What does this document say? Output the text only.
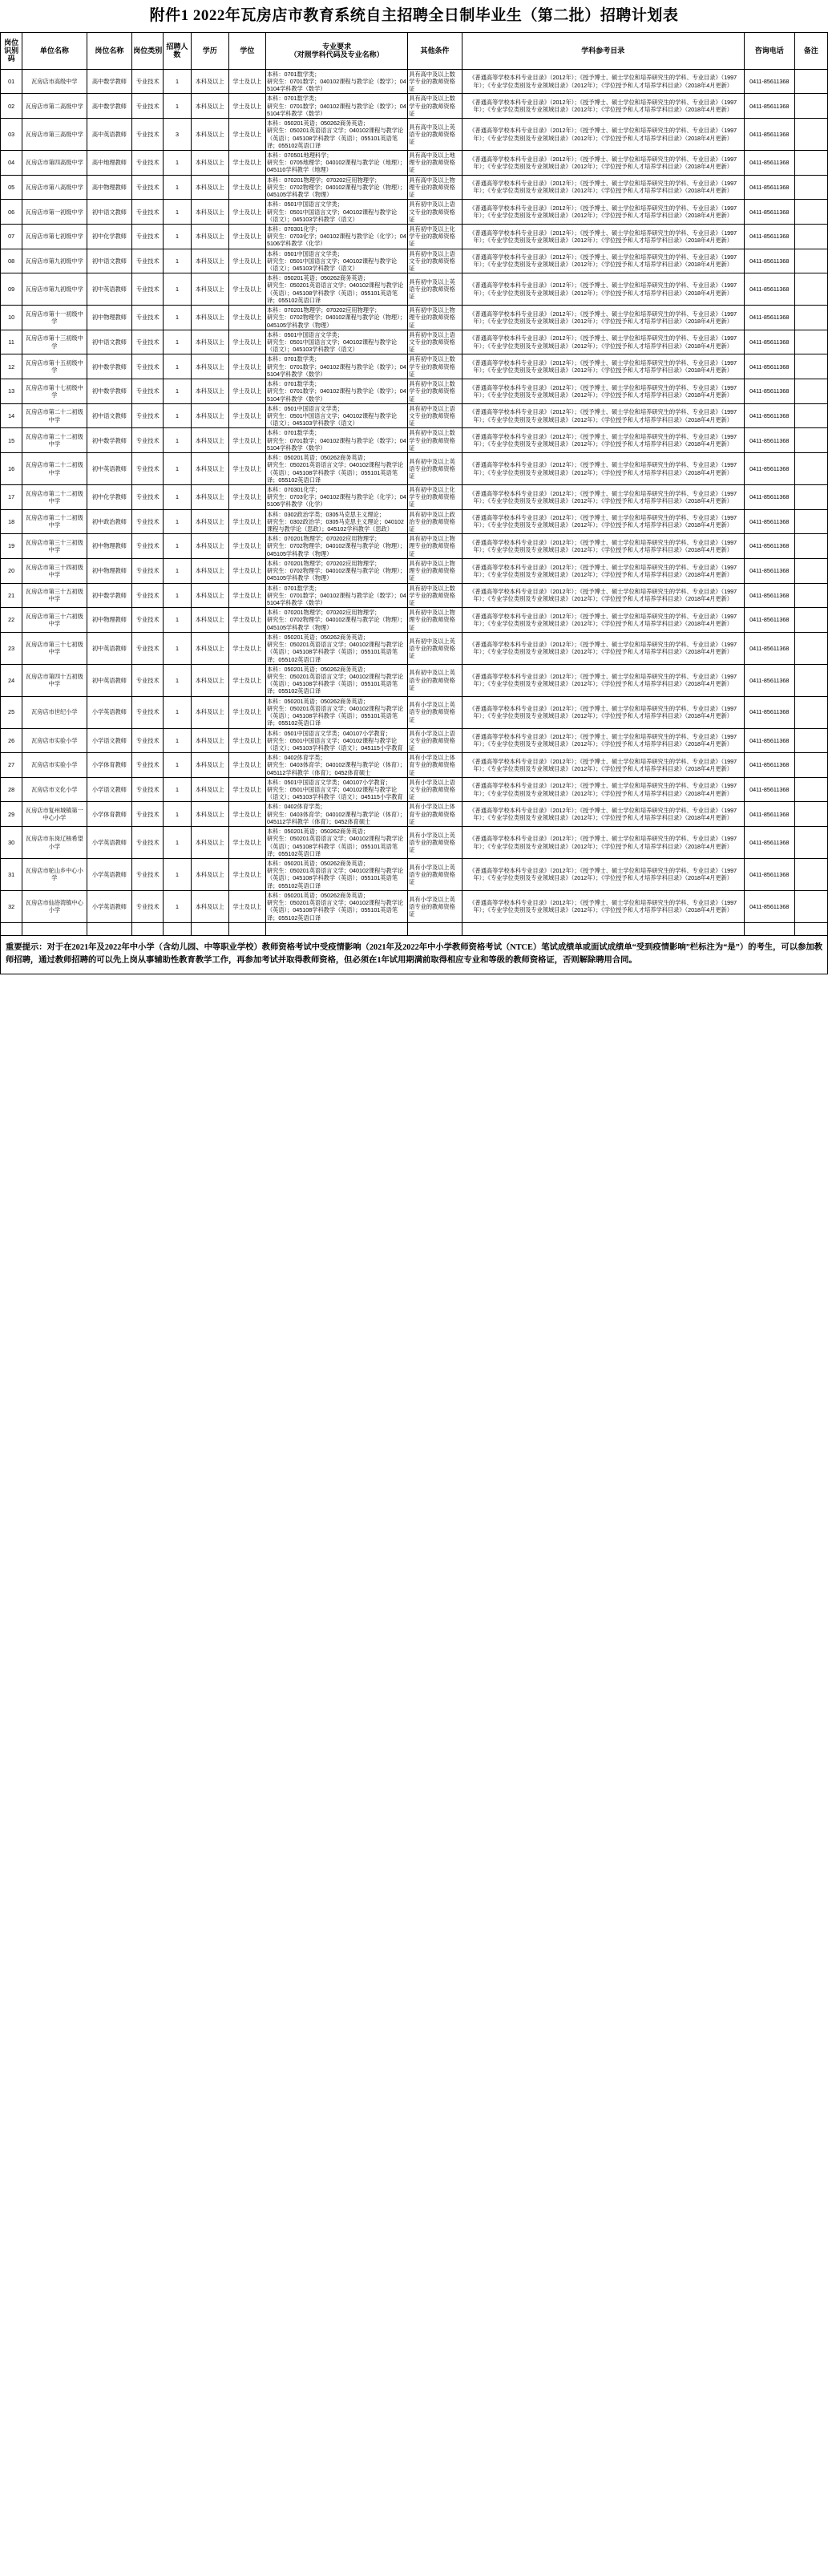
附件1 2022年瓦房店市教育系统自主招聘全日制毕业生（第二批）招聘计划表
岗位识别码	单位名称	岗位名称	岗位类别	招聘人数	学历	学位	专业要求
（对照学科代码及专业名称）	其他条件	学科参考目录	咨询电话	备注
01	瓦房店市高级中学	高中数学教师	专业技术	1	本科及以上	学士及以上	本科：0701数学类；
研究生：0701数学；040102课程与教学论（数学）；045104学科教学（数学）	具有高中及以上数学专业的教师资格证	《普通高等学校本科专业目录》（2012年）；《授予博士、硕士学位和培养研究生的学科、专业目录》（1997年）；《专业学位类别及专业领域目录》（2012年）；《学位授予和人才培养学科目录》（2018年4月更新）	0411-85611368	
02	瓦房店市第二高级中学	高中数学教师	专业技术	1	本科及以上	学士及以上	本科：0701数学类；
研究生：0701数学；040102课程与教学论（数学）；045104学科教学（数学）	具有高中及以上数学专业的教师资格证	《普通高等学校本科专业目录》（2012年）；《授予博士、硕士学位和培养研究生的学科、专业目录》（1997年）；《专业学位类别及专业领域目录》（2012年）；《学位授予和人才培养学科目录》（2018年4月更新）	0411-85611368	
03	瓦房店市第三高级中学	高中英语教师	专业技术	3	本科及以上	学士及以上	本科：050201英语；050262商务英语；
研究生：050201英语语言文学；040102课程与教学论（英语）；045108学科教学（英语）；055101英语笔译；055102英语口译	具有高中及以上英语专业的教师资格证	《普通高等学校本科专业目录》（2012年）；《授予博士、硕士学位和培养研究生的学科、专业目录》（1997年）；《专业学位类别及专业领域目录》（2012年）；《学位授予和人才培养学科目录》（2018年4月更新）	0411-85611368	
04	瓦房店市第四高级中学	高中地理教师	专业技术	1	本科及以上	学士及以上	本科：070501地理科学；
研究生：0705地理学；040102课程与教学论（地理）；045110学科教学（地理）	具有高中及以上地理专业的教师资格证	《普通高等学校本科专业目录》（2012年）；《授予博士、硕士学位和培养研究生的学科、专业目录》（1997年）；《专业学位类别及专业领域目录》（2012年）；《学位授予和人才培养学科目录》（2018年4月更新）	0411-85611368	
05	瓦房店市第八高级中学	高中物理教师	专业技术	1	本科及以上	学士及以上	本科：070201物理学；070202应用物理学；
研究生：0702物理学；040102课程与教学论（物理）；045105学科教学（物理）	具有高中及以上物理专业的教师资格证	《普通高等学校本科专业目录》（2012年）；《授予博士、硕士学位和培养研究生的学科、专业目录》（1997年）；《专业学位类别及专业领域目录》（2012年）；《学位授予和人才培养学科目录》（2018年4月更新）	0411-85611368	
06	瓦房店市第一初级中学	初中语文教师	专业技术	1	本科及以上	学士及以上	本科：0501中国语言文学类；
研究生：0501中国语言文学；040102课程与教学论（语文）；045103学科教学（语文）	具有初中及以上语文专业的教师资格证	《普通高等学校本科专业目录》（2012年）；《授予博士、硕士学位和培养研究生的学科、专业目录》（1997年）；《专业学位类别及专业领域目录》（2012年）；《学位授予和人才培养学科目录》（2018年4月更新）	0411-85611368	
07	瓦房店市第七初级中学	初中化学教师	专业技术	1	本科及以上	学士及以上	本科：070301化学；
研究生：0703化学；040102课程与教学论（化学）；045106学科教学（化学）	具有初中及以上化学专业的教师资格证	《普通高等学校本科专业目录》（2012年）；《授予博士、硕士学位和培养研究生的学科、专业目录》（1997年）；《专业学位类别及专业领域目录》（2012年）；《学位授予和人才培养学科目录》（2018年4月更新）	0411-85611368	
08	瓦房店市第九初级中学	初中语文教师	专业技术	1	本科及以上	学士及以上	本科：0501中国语言文学类；
研究生：0501中国语言文学；040102课程与教学论（语文）；045103学科教学（语文）	具有初中及以上语文专业的教师资格证	《普通高等学校本科专业目录》（2012年）；《授予博士、硕士学位和培养研究生的学科、专业目录》（1997年）；《专业学位类别及专业领域目录》（2012年）；《学位授予和人才培养学科目录》（2018年4月更新）	0411-85611368	
09	瓦房店市第九初级中学	初中英语教师	专业技术	1	本科及以上	学士及以上	本科：050201英语；050262商务英语；
研究生：050201英语语言文学；040102课程与教学论（英语）；045108学科教学（英语）；055101英语笔译；055102英语口译	具有初中及以上英语专业的教师资格证	《普通高等学校本科专业目录》（2012年）；《授予博士、硕士学位和培养研究生的学科、专业目录》（1997年）；《专业学位类别及专业领域目录》（2012年）；《学位授予和人才培养学科目录》（2018年4月更新）	0411-85611368	
10	瓦房店市第十一初级中学	初中物理教师	专业技术	1	本科及以上	学士及以上	本科：070201物理学；070202应用物理学；
研究生：0702物理学；040102课程与教学论（物理）；045105学科教学（物理）	具有初中及以上物理专业的教师资格证	《普通高等学校本科专业目录》（2012年）；《授予博士、硕士学位和培养研究生的学科、专业目录》（1997年）；《专业学位类别及专业领域目录》（2012年）；《学位授予和人才培养学科目录》（2018年4月更新）	0411-85611368	
11	瓦房店市第十三初级中学	初中语文教师	专业技术	1	本科及以上	学士及以上	本科：0501中国语言文学类；
研究生：0501中国语言文学；040102课程与教学论（语文）；045103学科教学（语文）	具有初中及以上语文专业的教师资格证	《普通高等学校本科专业目录》（2012年）；《授予博士、硕士学位和培养研究生的学科、专业目录》（1997年）；《专业学位类别及专业领域目录》（2012年）；《学位授予和人才培养学科目录》（2018年4月更新）	0411-85611368	
12	瓦房店市第十五初级中学	初中数学教师	专业技术	1	本科及以上	学士及以上	本科：0701数学类；
研究生：0701数学；040102课程与教学论（数学）；045104学科教学（数学）	具有初中及以上数学专业的教师资格证	《普通高等学校本科专业目录》（2012年）；《授予博士、硕士学位和培养研究生的学科、专业目录》（1997年）；《专业学位类别及专业领域目录》（2012年）；《学位授予和人才培养学科目录》（2018年4月更新）	0411-85611368	
13	瓦房店市第十七初级中学	初中数学教师	专业技术	1	本科及以上	学士及以上	本科：0701数学类；
研究生：0701数学；040102课程与教学论（数学）；045104学科教学（数学）	具有初中及以上数学专业的教师资格证	《普通高等学校本科专业目录》（2012年）；《授予博士、硕士学位和培养研究生的学科、专业目录》（1997年）；《专业学位类别及专业领域目录》（2012年）；《学位授予和人才培养学科目录》（2018年4月更新）	0411-85611368	
14	瓦房店市第二十二初级中学	初中语文教师	专业技术	1	本科及以上	学士及以上	本科：0501中国语言文学类；
研究生：0501中国语言文学；040102课程与教学论（语文）；045103学科教学（语文）	具有初中及以上语文专业的教师资格证	《普通高等学校本科专业目录》（2012年）；《授予博士、硕士学位和培养研究生的学科、专业目录》（1997年）；《专业学位类别及专业领域目录》（2012年）；《学位授予和人才培养学科目录》（2018年4月更新）	0411-85611368	
15	瓦房店市第二十二初级中学	初中数学教师	专业技术	1	本科及以上	学士及以上	本科：0701数学类；
研究生：0701数学；040102课程与教学论（数学）；045104学科教学（数学）	具有初中及以上数学专业的教师资格证	《普通高等学校本科专业目录》（2012年）；《授予博士、硕士学位和培养研究生的学科、专业目录》（1997年）；《专业学位类别及专业领域目录》（2012年）；《学位授予和人才培养学科目录》（2018年4月更新）	0411-85611368	
16	瓦房店市第二十二初级中学	初中英语教师	专业技术	1	本科及以上	学士及以上	本科：050201英语；050262商务英语；
研究生：050201英语语言文学；040102课程与教学论（英语）；045108学科教学（英语）；055101英语笔译；055102英语口译	具有初中及以上英语专业的教师资格证	《普通高等学校本科专业目录》（2012年）；《授予博士、硕士学位和培养研究生的学科、专业目录》（1997年）；《专业学位类别及专业领域目录》（2012年）；《学位授予和人才培养学科目录》（2018年4月更新）	0411-85611368	
17	瓦房店市第二十二初级中学	初中化学教师	专业技术	1	本科及以上	学士及以上	本科：070301化学；
研究生：0703化学；040102课程与教学论（化学）；045106学科教学（化学）	具有初中及以上化学专业的教师资格证	《普通高等学校本科专业目录》（2012年）；《授予博士、硕士学位和培养研究生的学科、专业目录》（1997年）；《专业学位类别及专业领域目录》（2012年）；《学位授予和人才培养学科目录》（2018年4月更新）	0411-85611368	
18	瓦房店市第二十二初级中学	初中政治教师	专业技术	1	本科及以上	学士及以上	本科：0302政治学类；0305马克思主义理论；
研究生：0302政治学；0305马克思主义理论；040102课程与教学论（思政）；045102学科教学（思政）	具有初中及以上政治专业的教师资格证	《普通高等学校本科专业目录》（2012年）；《授予博士、硕士学位和培养研究生的学科、专业目录》（1997年）；《专业学位类别及专业领域目录》（2012年）；《学位授予和人才培养学科目录》（2018年4月更新）	0411-85611368	
19	瓦房店市第三十三初级中学	初中物理教师	专业技术	1	本科及以上	学士及以上	本科：070201物理学；070202应用物理学；
研究生：0702物理学；040102课程与教学论（物理）；045105学科教学（物理）	具有初中及以上物理专业的教师资格证	《普通高等学校本科专业目录》（2012年）；《授予博士、硕士学位和培养研究生的学科、专业目录》（1997年）；《专业学位类别及专业领域目录》（2012年）；《学位授予和人才培养学科目录》（2018年4月更新）	0411-85611368	
20	瓦房店市第三十四初级中学	初中物理教师	专业技术	1	本科及以上	学士及以上	本科：070201物理学；070202应用物理学；
研究生：0702物理学；040102课程与教学论（物理）；045105学科教学（物理）	具有初中及以上物理专业的教师资格证	《普通高等学校本科专业目录》（2012年）；《授予博士、硕士学位和培养研究生的学科、专业目录》（1997年）；《专业学位类别及专业领域目录》（2012年）；《学位授予和人才培养学科目录》（2018年4月更新）	0411-85611368	
21	瓦房店市第三十五初级中学	初中数学教师	专业技术	1	本科及以上	学士及以上	本科：0701数学类；
研究生：0701数学；040102课程与教学论（数学）；045104学科教学（数学）	具有初中及以上数学专业的教师资格证	《普通高等学校本科专业目录》（2012年）；《授予博士、硕士学位和培养研究生的学科、专业目录》（1997年）；《专业学位类别及专业领域目录》（2012年）；《学位授予和人才培养学科目录》（2018年4月更新）	0411-85611368	
22	瓦房店市第三十六初级中学	初中物理教师	专业技术	1	本科及以上	学士及以上	本科：070201物理学；070202应用物理学；
研究生：0702物理学；040102课程与教学论（物理）；045105学科教学（物理）	具有初中及以上物理专业的教师资格证	《普通高等学校本科专业目录》（2012年）；《授予博士、硕士学位和培养研究生的学科、专业目录》（1997年）；《专业学位类别及专业领域目录》（2012年）；《学位授予和人才培养学科目录》（2018年4月更新）	0411-85611368	
23	瓦房店市第三十七初级中学	初中英语教师	专业技术	1	本科及以上	学士及以上	本科：050201英语；050262商务英语；
研究生：050201英语语言文学；040102课程与教学论（英语）；045108学科教学（英语）；055101英语笔译；055102英语口译	具有初中及以上英语专业的教师资格证	《普通高等学校本科专业目录》（2012年）；《授予博士、硕士学位和培养研究生的学科、专业目录》（1997年）；《专业学位类别及专业领域目录》（2012年）；《学位授予和人才培养学科目录》（2018年4月更新）	0411-85611368	
24	瓦房店市第四十五初级中学	初中英语教师	专业技术	1	本科及以上	学士及以上	本科：050201英语；050262商务英语；
研究生：050201英语语言文学；040102课程与教学论（英语）；045108学科教学（英语）；055101英语笔译；055102英语口译	具有初中及以上英语专业的教师资格证	《普通高等学校本科专业目录》（2012年）；《授予博士、硕士学位和培养研究生的学科、专业目录》（1997年）；《专业学位类别及专业领域目录》（2012年）；《学位授予和人才培养学科目录》（2018年4月更新）	0411-85611368	
25	瓦房店市世纪小学	小学英语教师	专业技术	1	本科及以上	学士及以上	本科：050201英语；050262商务英语；
研究生：050201英语语言文学；040102课程与教学论（英语）；045108学科教学（英语）；055101英语笔译；055102英语口译	具有小学及以上英语专业的教师资格证	《普通高等学校本科专业目录》（2012年）；《授予博士、硕士学位和培养研究生的学科、专业目录》（1997年）；《专业学位类别及专业领域目录》（2012年）；《学位授予和人才培养学科目录》（2018年4月更新）	0411-85611368	
26	瓦房店市实验小学	小学语文教师	专业技术	1	本科及以上	学士及以上	本科：0501中国语言文学类；040107小学教育；
研究生：0501中国语言文学；040102课程与教学论（语文）；045103学科教学（语文）；045115小学教育	具有小学及以上语文专业的教师资格证	《普通高等学校本科专业目录》（2012年）；《授予博士、硕士学位和培养研究生的学科、专业目录》（1997年）；《专业学位类别及专业领域目录》（2012年）；《学位授予和人才培养学科目录》（2018年4月更新）	0411-85611368	
27	瓦房店市实验小学	小学体育教师	专业技术	1	本科及以上	学士及以上	本科：0402体育学类；
研究生：0403体育学；040102课程与教学论（体育）；045112学科教学（体育）；0452体育硕士	具有小学及以上体育专业的教师资格证	《普通高等学校本科专业目录》（2012年）；《授予博士、硕士学位和培养研究生的学科、专业目录》（1997年）；《专业学位类别及专业领域目录》（2012年）；《学位授予和人才培养学科目录》（2018年4月更新）	0411-85611368	
28	瓦房店市文化小学	小学语文教师	专业技术	1	本科及以上	学士及以上	本科：0501中国语言文学类；040107小学教育；
研究生：0501中国语言文学；040102课程与教学论（语文）；045103学科教学（语文）；045115小学教育	具有小学及以上语文专业的教师资格证	《普通高等学校本科专业目录》（2012年）；《授予博士、硕士学位和培养研究生的学科、专业目录》（1997年）；《专业学位类别及专业领域目录》（2012年）；《学位授予和人才培养学科目录》（2018年4月更新）	0411-85611368	
29	瓦房店市复州城镇第一中心小学	小学体育教师	专业技术	1	本科及以上	学士及以上	本科：0402体育学类；
研究生：0403体育学；040102课程与教学论（体育）；045112学科教学（体育）；0452体育硕士	具有小学及以上体育专业的教师资格证	《普通高等学校本科专业目录》（2012年）；《授予博士、硕士学位和培养研究生的学科、专业目录》（1997年）；《专业学位类别及专业领域目录》（2012年）；《学位授予和人才培养学科目录》（2018年4月更新）	0411-85611368	
30	瓦房店市东岗辽核希望小学	小学英语教师	专业技术	1	本科及以上	学士及以上	本科：050201英语；050262商务英语；
研究生：050201英语语言文学；040102课程与教学论（英语）；045108学科教学（英语）；055101英语笔译；055102英语口译	具有小学及以上英语专业的教师资格证	《普通高等学校本科专业目录》（2012年）；《授予博士、硕士学位和培养研究生的学科、专业目录》（1997年）；《专业学位类别及专业领域目录》（2012年）；《学位授予和人才培养学科目录》（2018年4月更新）	0411-85611368	
31	瓦房店市驼山乡中心小学	小学英语教师	专业技术	1	本科及以上	学士及以上	本科：050201英语；050262商务英语；
研究生：050201英语语言文学；040102课程与教学论（英语）；045108学科教学（英语）；055101英语笔译；055102英语口译	具有小学及以上英语专业的教师资格证	《普通高等学校本科专业目录》（2012年）；《授予博士、硕士学位和培养研究生的学科、专业目录》（1997年）；《专业学位类别及专业领域目录》（2012年）；《学位授予和人才培养学科目录》（2018年4月更新）	0411-85611368	
32	瓦房店市仙浴湾镇中心小学	小学英语教师	专业技术	1	本科及以上	学士及以上	本科：050201英语；050262商务英语；
研究生：050201英语语言文学；040102课程与教学论（英语）；045108学科教学（英语）；055101英语笔译；055102英语口译	具有小学及以上英语专业的教师资格证	《普通高等学校本科专业目录》（2012年）；《授予博士、硕士学位和培养研究生的学科、专业目录》（1997年）；《专业学位类别及专业领域目录》（2012年）；《学位授予和人才培养学科目录》（2018年4月更新）	0411-85611368	

重要提示：对于在2021年及2022年中小学（含幼儿园、中等职业学校）教师资格考试中受疫情影响（2021年及2022年中小学教师资格考试（NTCE）笔试成绩单或面试成绩单“受到疫情影响”栏标注为“是”）的考生，可以参加教师招聘，通过教师招聘的可以先上岗从事辅助性教育教学工作，再参加考试并取得教师资格，但必须在1年试用期满前取得相应专业和等级的教师资格证，否则解除聘用合同。
